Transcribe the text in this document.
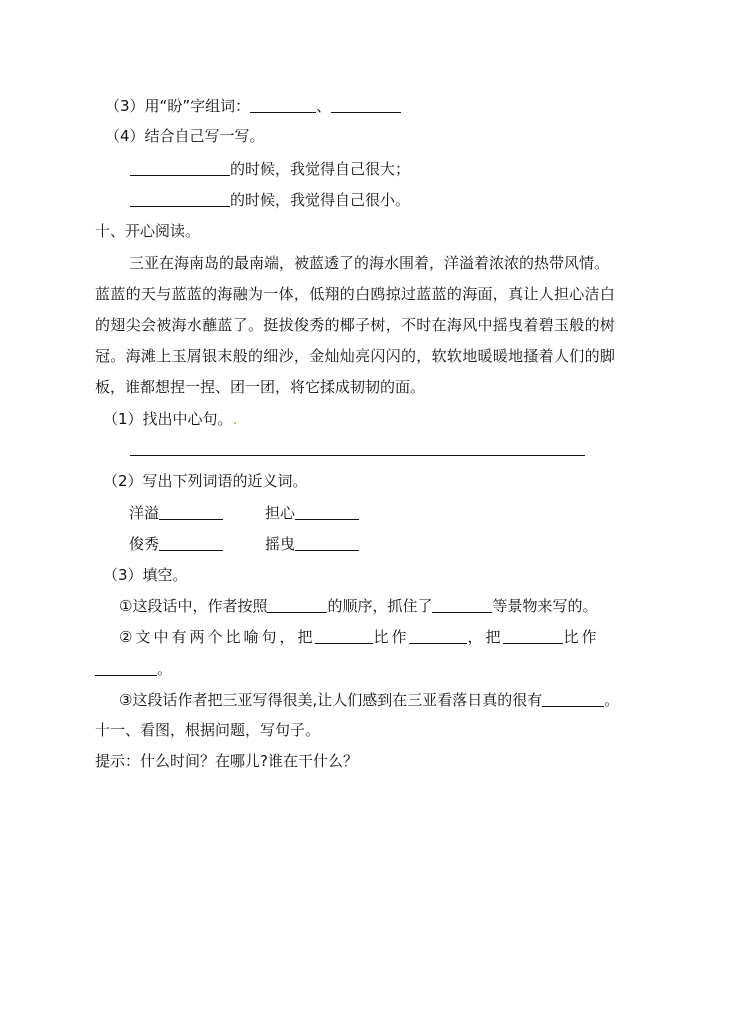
（3）用“盼”字组词：	、
（4）结合自己写一写。
的时候，我觉得自己很大；
的时候，我觉得自己很小。
十、开心阅读。
三亚在海南岛的最南端，被蓝透了的海水围着，洋溢着浓浓的热带风情。
蓝蓝的天与蓝蓝的海融为一体，低翔的白鸥掠过蓝蓝的海面，真让人担心洁白
的翅尖会被海水蘸蓝了。挺拔俊秀的椰子树，不时在海风中摇曳着碧玉般的树
冠。海滩上玉屑银末般的细沙，金灿灿亮闪闪的，软软地暖暖地搔着人们的脚
板，谁都想捏一捏、团一团，将它揉成韧韧的面。
（1）找出中心句。.
（2）写出下列词语的近义词。
洋溢	担心
俊秀	摇曳
（3）填空。
①这段话中，作者按照	的顺序，抓住了	等景物来写的。
②文中有两个比喻句，把	比作	，把	比作
。
③这段话作者把三亚写得很美,让人们感到在三亚看落日真的很有	。
十一、看图，根据问题，写句子。
提示：什么时间？在哪儿?谁在干什么？
